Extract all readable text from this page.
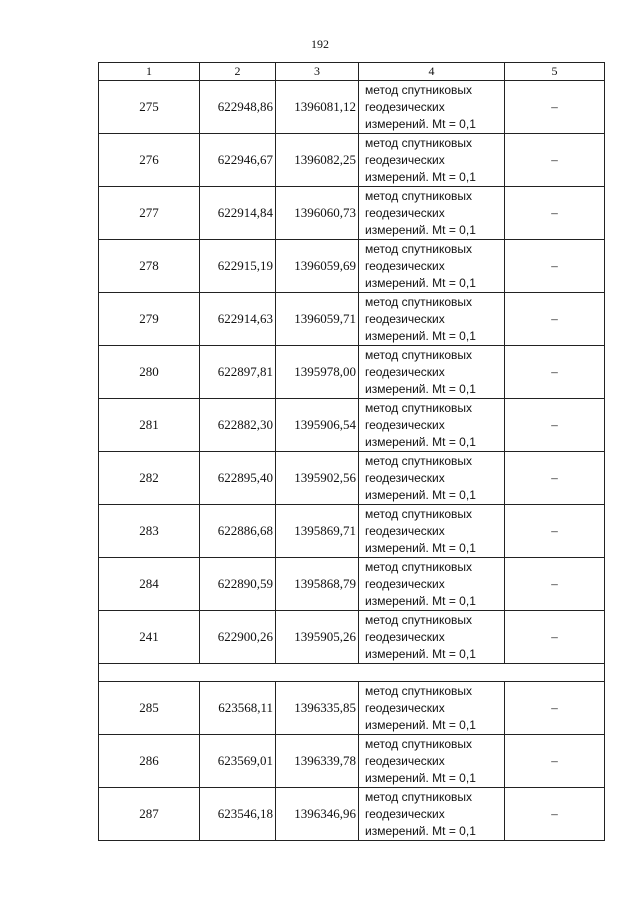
192
1	2	3	4	5
275	622948,86	1396081,12	метод спутниковых
геодезических
измерений. Mt = 0,1	–
276	622946,67	1396082,25	метод спутниковых
геодезических
измерений. Mt = 0,1	–
277	622914,84	1396060,73	метод спутниковых
геодезических
измерений. Mt = 0,1	–
278	622915,19	1396059,69	метод спутниковых
геодезических
измерений. Mt = 0,1	–
279	622914,63	1396059,71	метод спутниковых
геодезических
измерений. Mt = 0,1	–
280	622897,81	1395978,00	метод спутниковых
геодезических
измерений. Mt = 0,1	–
281	622882,30	1395906,54	метод спутниковых
геодезических
измерений. Mt = 0,1	–
282	622895,40	1395902,56	метод спутниковых
геодезических
измерений. Mt = 0,1	–
283	622886,68	1395869,71	метод спутниковых
геодезических
измерений. Mt = 0,1	–
284	622890,59	1395868,79	метод спутниковых
геодезических
измерений. Mt = 0,1	–
241	622900,26	1395905,26	метод спутниковых
геодезических
измерений. Mt = 0,1	–

285	623568,11	1396335,85	метод спутниковых
геодезических
измерений. Mt = 0,1	–
286	623569,01	1396339,78	метод спутниковых
геодезических
измерений. Mt = 0,1	–
287	623546,18	1396346,96	метод спутниковых
геодезических
измерений. Mt = 0,1	–
